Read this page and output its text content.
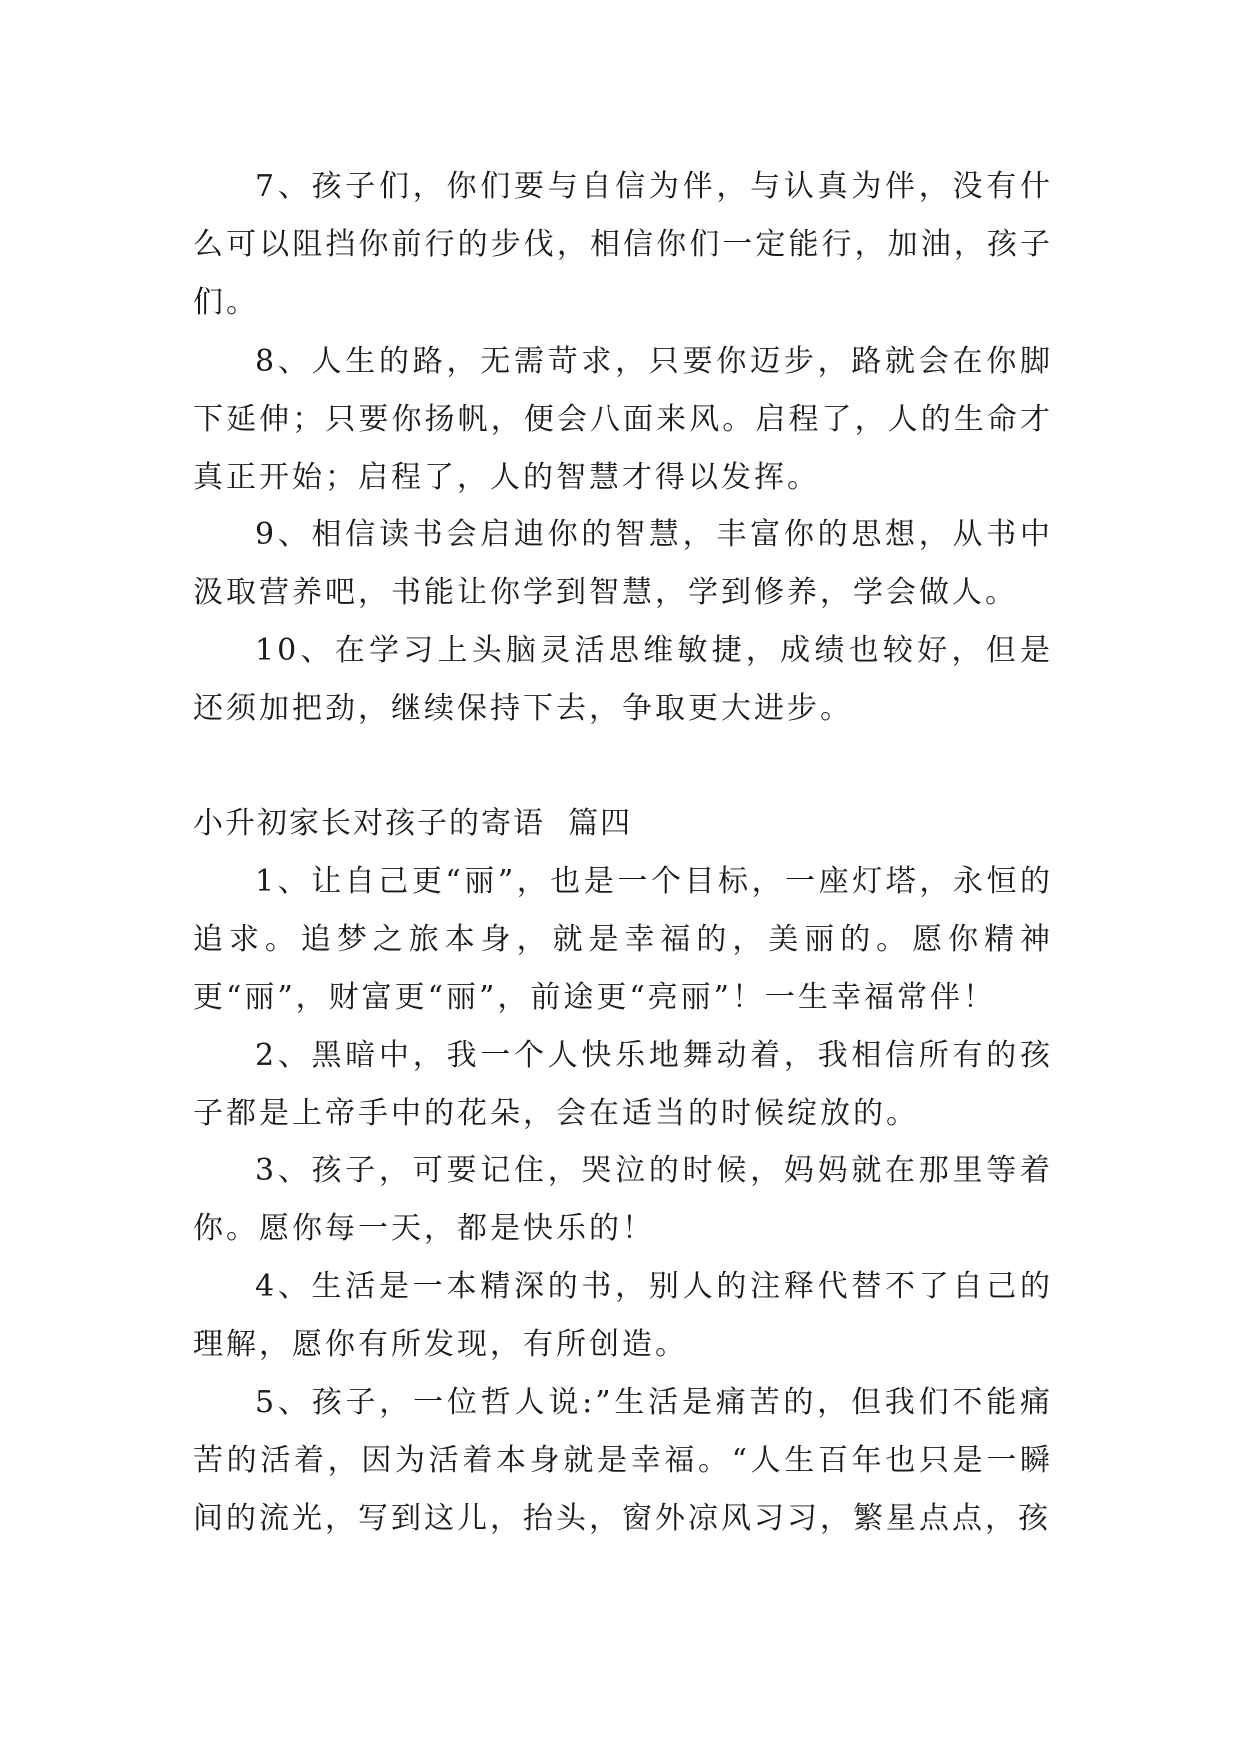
7、孩子们，你们要与自信为伴，与认真为伴，没有什么可以阻挡你前行的步伐，相信你们一定能行，加油，孩子们。

8、人生的路，无需苛求，只要你迈步，路就会在你脚下延伸；只要你扬帆，便会八面来风。启程了，人的生命才真正开始；启程了，人的智慧才得以发挥。

9、相信读书会启迪你的智慧，丰富你的思想，从书中汲取营养吧，书能让你学到智慧，学到修养，学会做人。

10、在学习上头脑灵活思维敏捷，成绩也较好，但是还须加把劲，继续保持下去，争取更大进步。

小升初家长对孩子的寄语  篇四

1、让自己更“丽”，也是一个目标，一座灯塔，永恒的追求。追梦之旅本身，就是幸福的，美丽的。愿你精神更“丽”，财富更“丽”，前途更“亮丽”！一生幸福常伴！

2、黑暗中，我一个人快乐地舞动着，我相信所有的孩子都是上帝手中的花朵，会在适当的时候绽放的。

3、孩子，可要记住，哭泣的时候，妈妈就在那里等着你。愿你每一天，都是快乐的！

4、生活是一本精深的书，别人的注释代替不了自己的理解，愿你有所发现，有所创造。

5、孩子，一位哲人说:”生活是痛苦的，但我们不能痛苦的活着，因为活着本身就是幸福。“人生百年也只是一瞬间的流光，写到这儿，抬头，窗外凉风习习，繁星点点，孩
